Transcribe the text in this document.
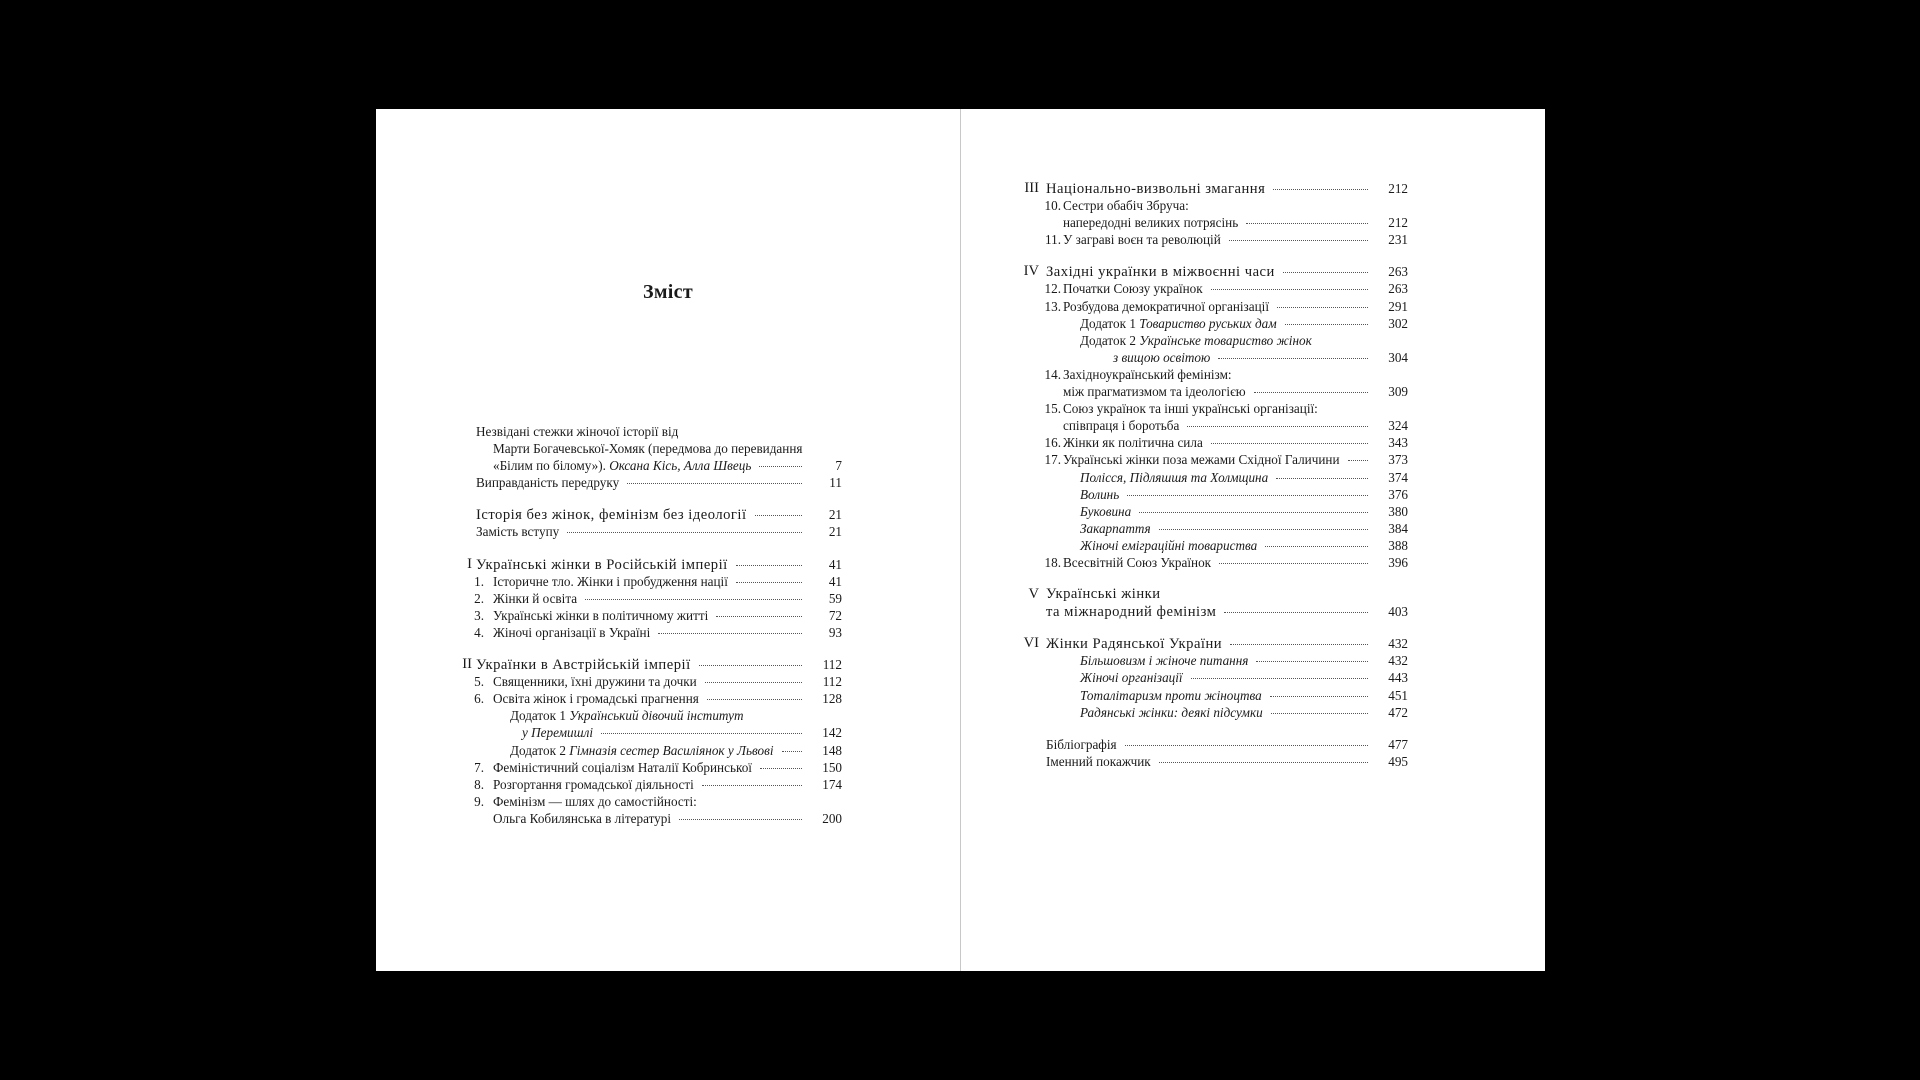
Зміст
Незвідані стежки жіночої історії від
Марти Богачевської-Хомяк (передмова до перевидання
«Білим по білому»). Оксана Кісь, Алла Швець	7
Виправданість передруку	11
Історія без жінок, фемінізм без ідеології	21
Замість вступу	21
I Українські жінки в Російській імперії	41
1. Історичне тло. Жінки і пробудження нації	41
2. Жінки й освіта	59
3. Українські жінки в політичному житті	72
4. Жіночі організації в Україні	93
II Українки в Австрійській імперії	112
5. Священники, їхні дружини та дочки	112
6. Освіта жінок і громадські прагнення	128
Додаток 1 Український дівочий інститут
у Перемишлі	142
Додаток 2 Гімназія сестер Василіянок у Львові	148
7. Феміністичний соціалізм Наталії Кобринської	150
8. Розгортання громадської діяльності	174
9. Фемінізм — шлях до самостійності:
Ольга Кобилянська в літературі	200
III Національно-визвольні змагання	212
10. Сестри обабіч Збруча:
напередодні великих потрясінь	212
11. У заграві воєн та революцій	231
IV Західні українки в міжвоєнні часи	263
12. Початки Союзу українок	263
13. Розбудова демократичної організації	291
Додаток 1 Товариство руських дам	302
Додаток 2 Українське товариство жінок
з вищою освітою	304
14. Західноукраїнський фемінізм:
між прагматизмом та ідеологією	309
15. Союз українок та інші українські організації:
співпраця і боротьба	324
16. Жінки як політична сила	343
17. Українські жінки поза межами Східної Галичини	373
Полісся, Підляшшя та Холмщина	374
Волинь	376
Буковина	380
Закарпаття	384
Жіночі еміграційні товариства	388
18. Всесвітній Союз Українок	396
V Українські жінки
та міжнародний фемінізм	403
VI Жінки Радянської України	432
Більшовизм і жіноче питання	432
Жіночі організації	443
Тоталітаризм проти жіноцтва	451
Радянські жінки: деякі підсумки	472
Бібліографія	477
Іменний покажчик	495
